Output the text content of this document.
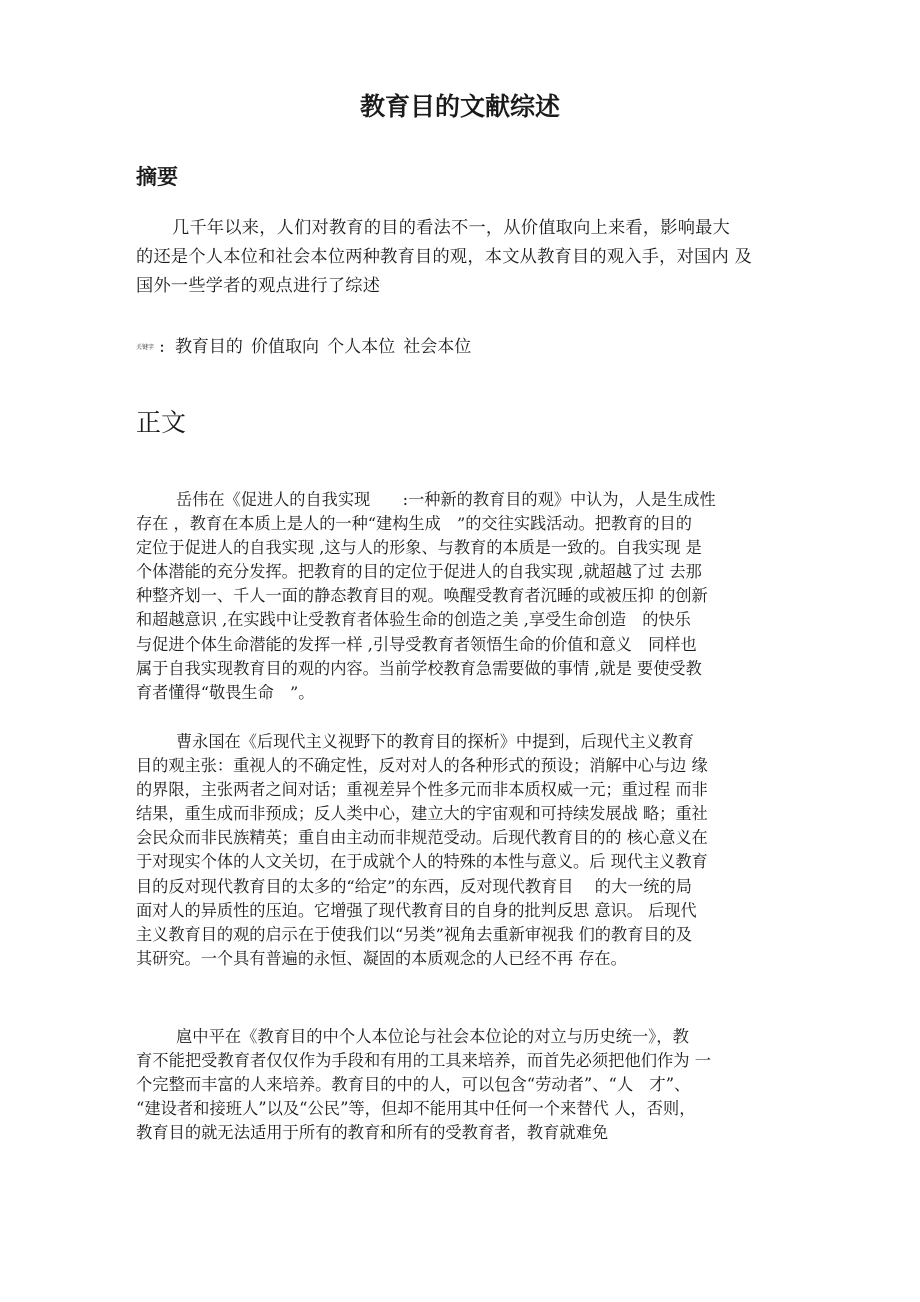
教育目的文献综述
摘要
几千年以来，人们对教育的目的看法不一，从价值取向上来看，影响最大
的还是个人本位和社会本位两种教育目的观，本文从教育目的观入手，对国内 及
国外一些学者的观点进行了综述
关键字 : 教育目的 价值取向 个人本位 社会本位
正文
岳伟在《促进人的自我实现　　:一种新的教育目的观》中认为，人是生成性
存在 ，教育在本质上是人的一种“建构生成　”的交往实践活动。把教育的目的
定位于促进人的自我实现 ,这与人的形象、与教育的本质是一致的。自我实现 是
个体潜能的充分发挥。把教育的目的定位于促进人的自我实现 ,就超越了过 去那
种整齐划一、千人一面的静态教育目的观。唤醒受教育者沉睡的或被压抑 的创新
和超越意识 ,在实践中让受教育者体验生命的创造之美 ,享受生命创造　的快乐
与促进个体生命潜能的发挥一样 ,引导受教育者领悟生命的价值和意义　同样也
属于自我实现教育目的观的内容。当前学校教育急需要做的事情 ,就是 要使受教
育者懂得“敬畏生命　”。
曹永国在《后现代主义视野下的教育目的探析》中提到，后现代主义教育
目的观主张：重视人的不确定性，反对对人的各种形式的预设；消解中心与边 缘
的界限，主张两者之间对话；重视差异个性多元而非本质权威一元；重过程 而非
结果，重生成而非预成；反人类中心，建立大的宇宙观和可持续发展战 略；重社
会民众而非民族精英；重自由主动而非规范受动。后现代教育目的的 核心意义在
于对现实个体的人文关切，在于成就个人的特殊的本性与意义。后 现代主义教育
目的反对现代教育目的太多的“给定”的东西，反对现代教育目　 的大一统的局
面对人的异质性的压迫。它增强了现代教育目的自身的批判反思 意识。 后现代
主义教育目的观的启示在于使我们以“另类”视角去重新审视我 们的教育目的及
其研究。一个具有普遍的永恒、凝固的本质观念的人已经不再 存在。
扈中平在《教育目的中个人本位论与社会本位论的对立与历史统一》，教
育不能把受教育者仅仅作为手段和有用的工具来培养，而首先必须把他们作为 一
个完整而丰富的人来培养。教育目的中的人，可以包含“劳动者”、“人　才”、
“建设者和接班人”以及“公民”等，但却不能用其中任何一个来替代 人，否则，
教育目的就无法适用于所有的教育和所有的受教育者，教育就难免
